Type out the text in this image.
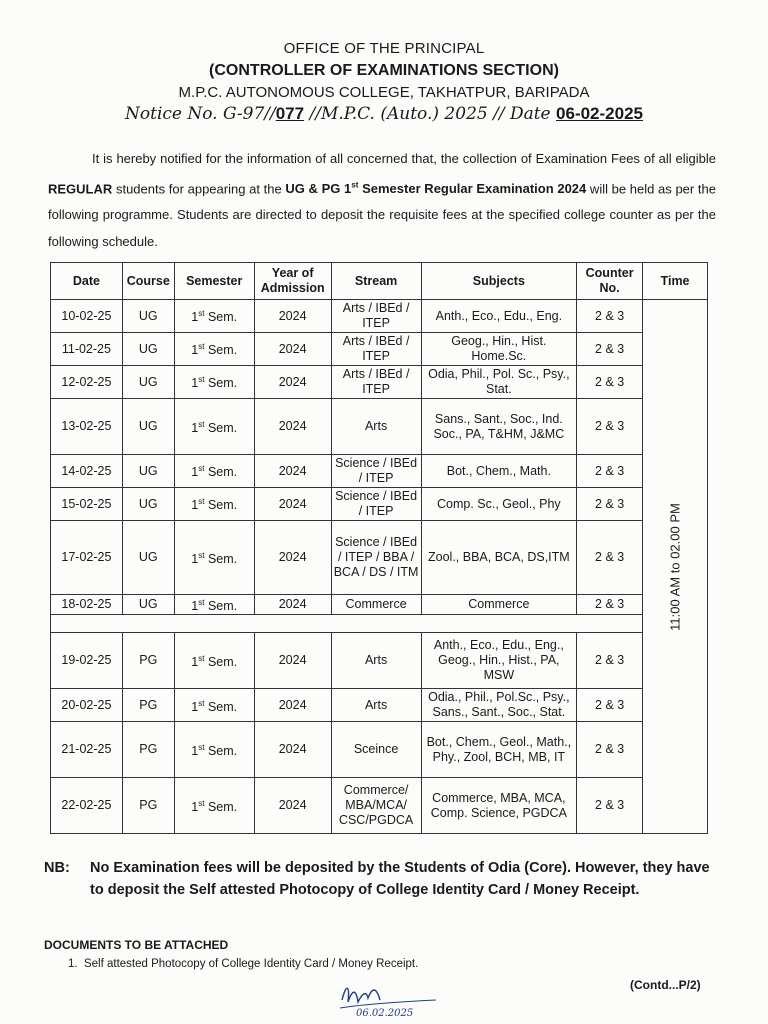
OFFICE OF THE PRINCIPAL
(CONTROLLER OF EXAMINATIONS SECTION)
M.P.C. AUTONOMOUS COLLEGE, TAKHATPUR, BARIPADA
Notice No. G-97//077 //M.P.C. (Auto.) 2025 // Date 06-02-2025
It is hereby notified for the information of all concerned that, the collection of Examination Fees of all eligible REGULAR students for appearing at the UG & PG 1st Semester Regular Examination 2024 will be held as per the following programme. Students are directed to deposit the requisite fees at the specified college counter as per the following schedule.
Date	Course	Semester	Year of Admission	Stream	Subjects	Counter No.	Time
10-02-25	UG	1st Sem.	2024	Arts / IBEd / ITEP	Anth., Eco., Edu., Eng.	2 & 3	11:00 AM to 02.00 PM

11-02-25	UG	1st Sem.	2024	Arts / IBEd / ITEP	Geog., Hin., Hist. Home.Sc.	2 & 3	
12-02-25	UG	1st Sem.	2024	Arts / IBEd / ITEP	Odia, Phil., Pol. Sc., Psy., Stat.	2 & 3	
13-02-25	UG	1st Sem.	2024	Arts	Sans., Sant., Soc., Ind. Soc., PA, T&HM, J&MC	2 & 3	
14-02-25	UG	1st Sem.	2024	Science / IBEd / ITEP	Bot., Chem., Math.	2 & 3	
15-02-25	UG	1st Sem.	2024	Science / IBEd / ITEP	Comp. Sc., Geol., Phy	2 & 3	
17-02-25	UG	1st Sem.	2024	Science / IBEd / ITEP / BBA / BCA / DS / ITM	Zool., BBA, BCA, DS,ITM	2 & 3	
18-02-25	UG	1st Sem.	2024	Commerce	Commerce	2 & 3	

19-02-25	PG	1st Sem.	2024	Arts	Anth., Eco., Edu., Eng., Geog., Hin., Hist., PA, MSW	2 & 3	
20-02-25	PG	1st Sem.	2024	Arts	Odia., Phil., Pol.Sc., Psy., Sans., Sant., Soc., Stat.	2 & 3	
21-02-25	PG	1st Sem.	2024	Sceince	Bot., Chem., Geol., Math., Phy., Zool, BCH, MB, IT	2 & 3	
22-02-25	PG	1st Sem.	2024	Commerce/ MBA/MCA/ CSC/PGDCA	Commerce, MBA, MCA, Comp. Science, PGDCA	2 & 3	
NB: No Examination fees will be deposited by the Students of Odia (Core). However, they have to deposit the Self attested Photocopy of College Identity Card / Money Receipt.
DOCUMENTS TO BE ATTACHED
1. Self attested Photocopy of College Identity Card / Money Receipt.
06.02.2025
(Contd...P/2)
